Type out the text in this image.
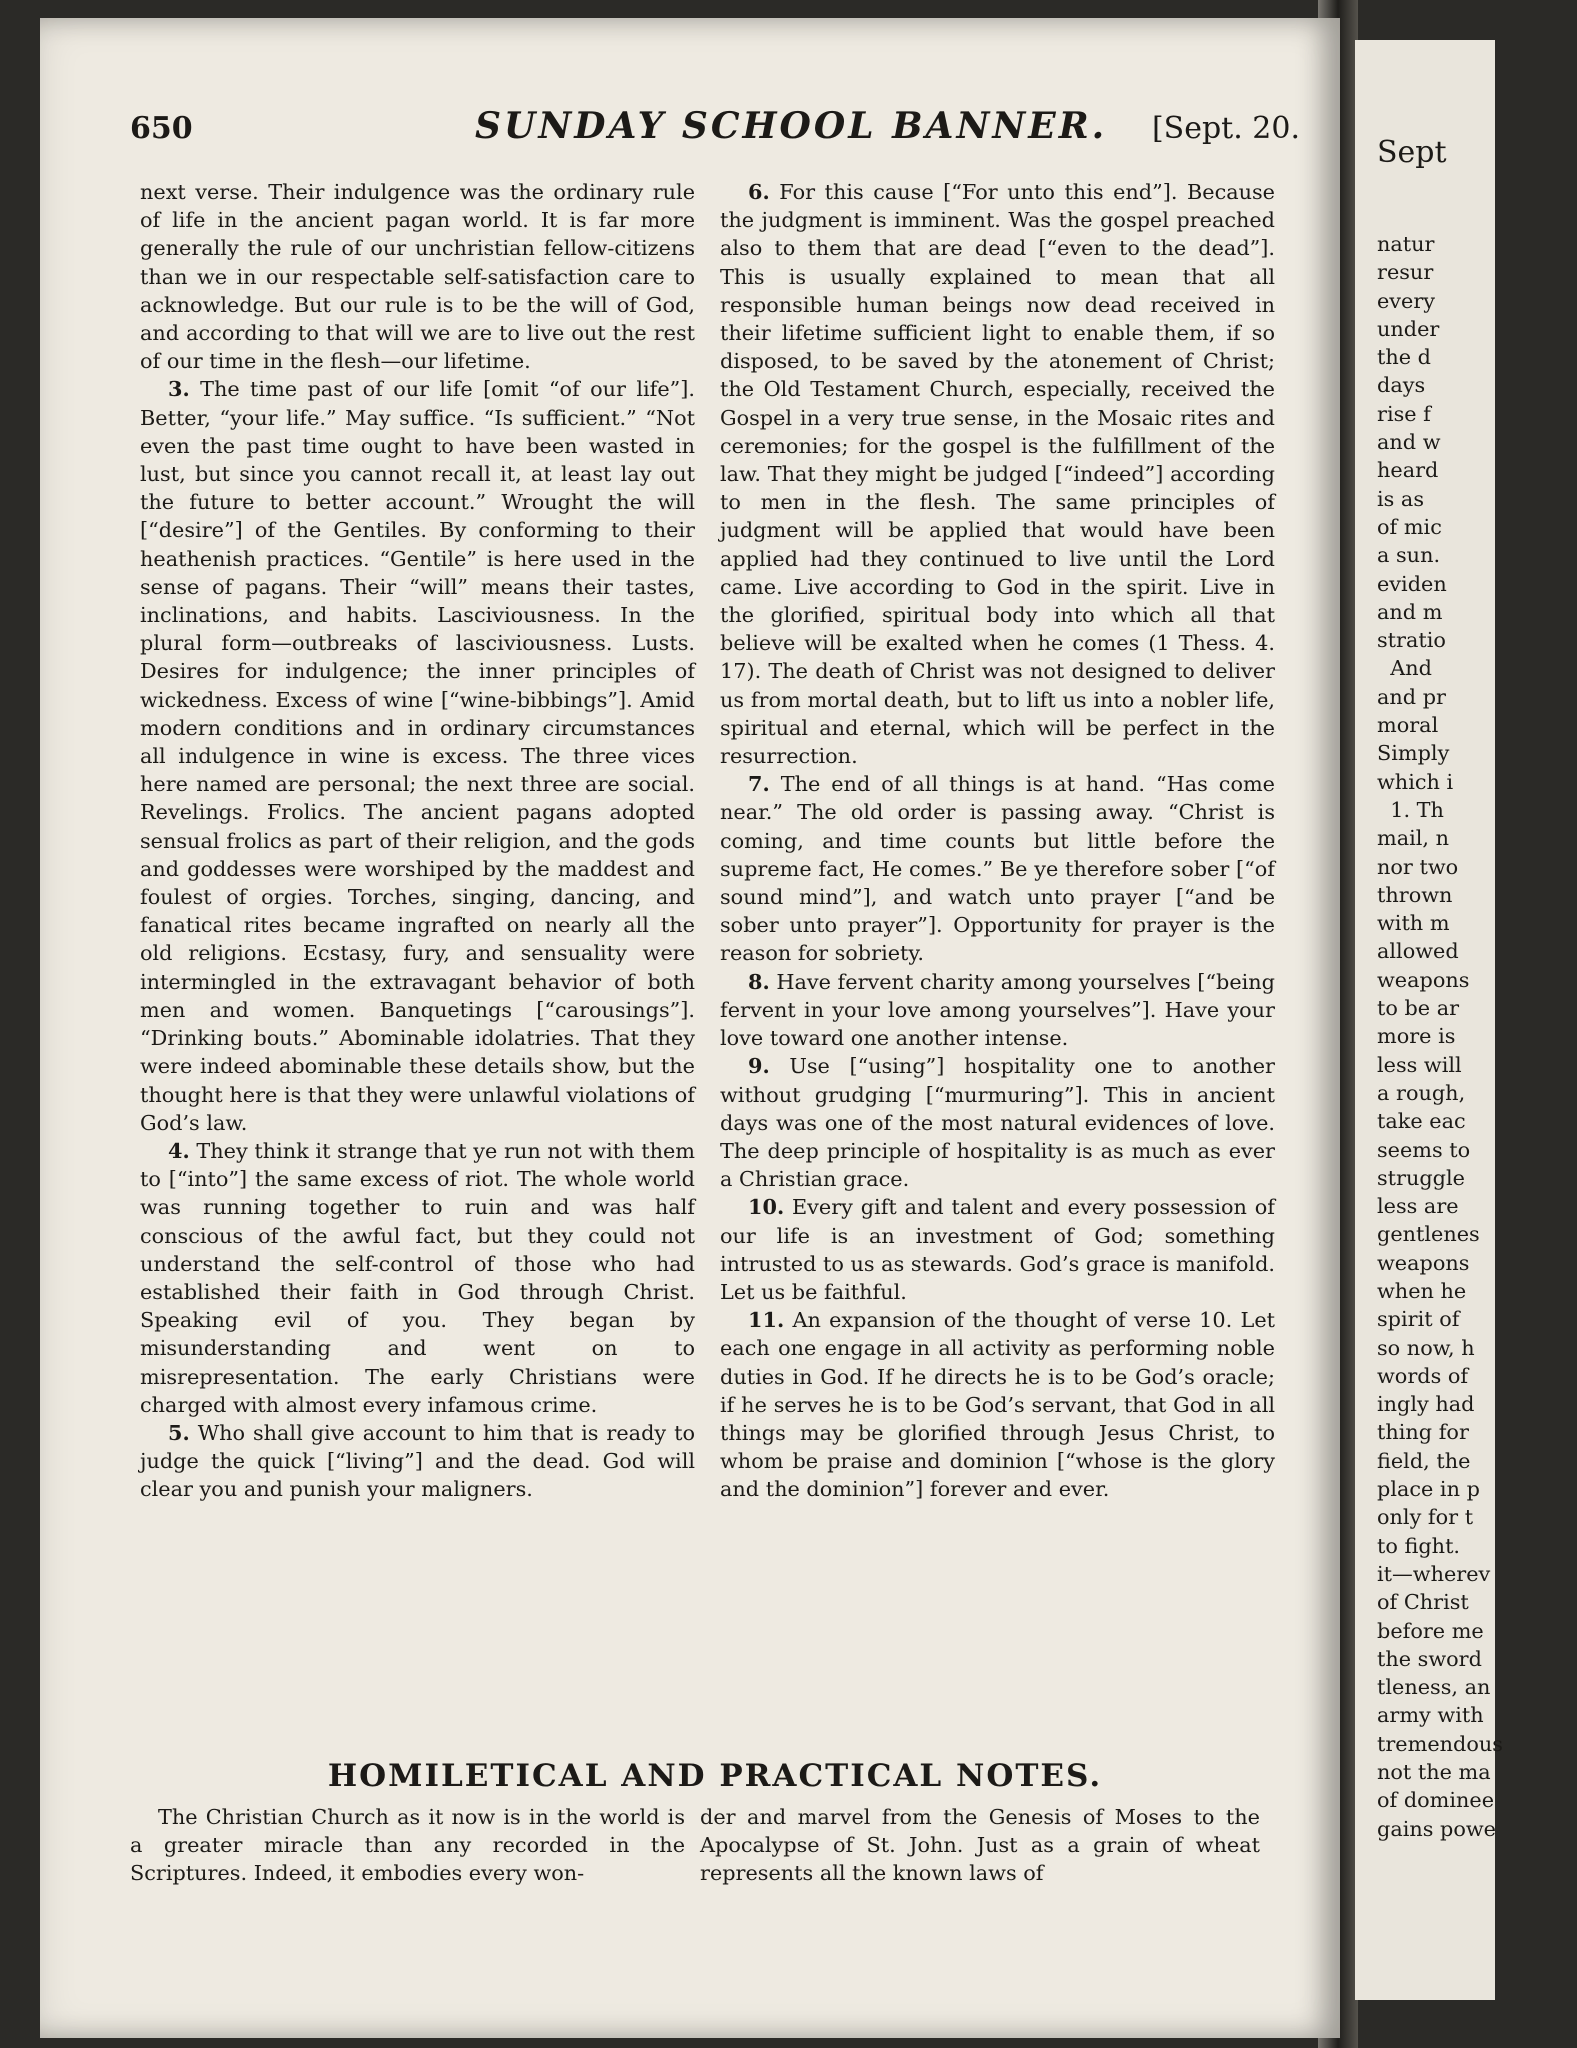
Sept
natur
resur
every
under
the d
days
rise f
and w
heard
is as
of mic
a sun.
eviden
and m
stratio
And
and pr
moral
Simply
which i
1. Th
mail, n
nor two
thrown
with m
allowed
weapons
to be ar
more is
less will
a rough,
take eac
seems to
struggle
less are
gentlenes
weapons
when he
spirit of
so now, h
words of
ingly had
thing for
field, the
place in p
only for t
to fight.
it—wherev
of Christ
before me
the sword
tleness, an
army with
tremendous
not the ma
of dominee
gains powe
650	SUNDAY SCHOOL BANNER. [Sept. 20.

next verse. Their indulgence was the ordinary rule of life in the ancient pagan world. It is far more generally the rule of our unchristian fellow-citizens than we in our respectable self-satisfaction care to acknowledge. But our rule is to be the will of God, and according to that will we are to live out the rest of our time in the flesh—our lifetime.

3. The time past of our life [omit “of our life”]. Better, “your life.” May suffice. “Is sufficient.” “Not even the past time ought to have been wasted in lust, but since you cannot recall it, at least lay out the future to better account.” Wrought the will [“desire”] of the Gentiles. By conforming to their heathenish practices. “Gentile” is here used in the sense of pagans. Their “will” means their tastes, inclinations, and habits. Lasciviousness. In the plural form—outbreaks of lasciviousness. Lusts. Desires for indulgence; the inner principles of wickedness. Excess of wine [“wine-bibbings”]. Amid modern conditions and in ordinary circumstances all indulgence in wine is excess. The three vices here named are personal; the next three are social. Revelings. Frolics. The ancient pagans adopted sensual frolics as part of their religion, and the gods and goddesses were worshiped by the maddest and foulest of orgies. Torches, singing, dancing, and fanatical rites became ingrafted on nearly all the old religions. Ecstasy, fury, and sensuality were intermingled in the extravagant behavior of both men and women. Banquetings [“carousings”]. “Drinking bouts.” Abominable idolatries. That they were indeed abominable these details show, but the thought here is that they were unlawful violations of God’s law.

4. They think it strange that ye run not with them to [“into”] the same excess of riot. The whole world was running together to ruin and was half conscious of the awful fact, but they could not understand the self-control of those who had established their faith in God through Christ. Speaking evil of you. They began by misunderstanding and went on to misrepresentation. The early Christians were charged with almost every infamous crime.

5. Who shall give account to him that is ready to judge the quick [“living”] and the dead. God will clear you and punish your maligners.

6. For this cause [“For unto this end”]. Because the judgment is imminent. Was the gospel preached also to them that are dead [“even to the dead”]. This is usually explained to mean that all responsible human beings now dead received in their lifetime sufficient light to enable them, if so disposed, to be saved by the atonement of Christ; the Old Testament Church, especially, received the Gospel in a very true sense, in the Mosaic rites and ceremonies; for the gospel is the fulfillment of the law. That they might be judged [“indeed”] according to men in the flesh. The same principles of judgment will be applied that would have been applied had they continued to live until the Lord came. Live according to God in the spirit. Live in the glorified, spiritual body into which all that believe will be exalted when he comes (1 Thess. 4. 17). The death of Christ was not designed to deliver us from mortal death, but to lift us into a nobler life, spiritual and eternal, which will be perfect in the resurrection.

7. The end of all things is at hand. “Has come near.” The old order is passing away. “Christ is coming, and time counts but little before the supreme fact, He comes.” Be ye therefore sober [“of sound mind”], and watch unto prayer [“and be sober unto prayer”]. Opportunity for prayer is the reason for sobriety.

8. Have fervent charity among yourselves [“being fervent in your love among yourselves”]. Have your love toward one another intense.

9. Use [“using”] hospitality one to another without grudging [“murmuring”]. This in ancient days was one of the most natural evidences of love. The deep principle of hospitality is as much as ever a Christian grace.

10. Every gift and talent and every possession of our life is an investment of God; something intrusted to us as stewards. God’s grace is manifold. Let us be faithful.

11. An expansion of the thought of verse 10. Let each one engage in all activity as performing noble duties in God. If he directs he is to be God’s oracle; if he serves he is to be God’s servant, that God in all things may be glorified through Jesus Christ, to whom be praise and dominion [“whose is the glory and the dominion”] forever and ever.

HOMILETICAL AND PRACTICAL NOTES.

The Christian Church as it now is in the world is a greater miracle than any recorded in the Scriptures. Indeed, it embodies every won-

der and marvel from the Genesis of Moses to the Apocalypse of St. John. Just as a grain of wheat represents all the known laws of
